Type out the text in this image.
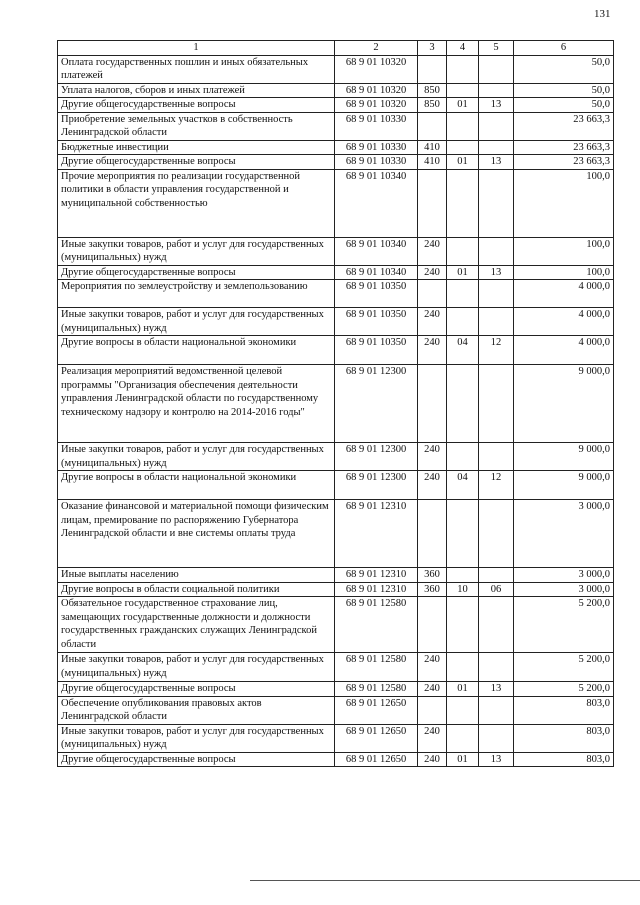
131
1	2	3	4	5	6
Оплата государственных пошлин и иных обязательных платежей	68 9 01 10320				50,0
Уплата налогов, сборов и иных платежей	68 9 01 10320	850			50,0
Другие общегосударственные вопросы	68 9 01 10320	850	01	13	50,0
Приобретение земельных участков в собственность Ленинградской области	68 9 01 10330				23 663,3
Бюджетные инвестиции	68 9 01 10330	410			23 663,3
Другие общегосударственные вопросы	68 9 01 10330	410	01	13	23 663,3
Прочие мероприятия по реализации государственной политики в области управления государственной и муниципальной собственностью	68 9 01 10340				100,0
Иные закупки товаров, работ и услуг для государственных (муниципальных) нужд	68 9 01 10340	240			100,0
Другие общегосударственные вопросы	68 9 01 10340	240	01	13	100,0
Мероприятия по землеустройству и землепользованию	68 9 01 10350				4 000,0
Иные закупки товаров, работ и услуг для государственных (муниципальных) нужд	68 9 01 10350	240			4 000,0
Другие вопросы в области национальной экономики	68 9 01 10350	240	04	12	4 000,0
Реализация мероприятий ведомственной целевой программы "Организация обеспечения деятельности управления Ленинградской области по государственному техническому надзору и контролю на 2014-2016 годы"	68 9 01 12300				9 000,0
Иные закупки товаров, работ и услуг для государственных (муниципальных) нужд	68 9 01 12300	240			9 000,0
Другие вопросы в области национальной экономики	68 9 01 12300	240	04	12	9 000,0
Оказание финансовой и материальной помощи физическим лицам, премирование по распоряжению Губернатора Ленинградской области и вне системы оплаты труда	68 9 01 12310				3 000,0
Иные выплаты населению	68 9 01 12310	360			3 000,0
Другие вопросы в области социальной политики	68 9 01 12310	360	10	06	3 000,0
Обязательное государственное страхование лиц, замещающих государственные должности и должности государственных гражданских служащих Ленинградской области	68 9 01 12580				5 200,0
Иные закупки товаров, работ и услуг для государственных (муниципальных) нужд	68 9 01 12580	240			5 200,0
Другие общегосударственные вопросы	68 9 01 12580	240	01	13	5 200,0
Обеспечение опубликования правовых актов Ленинградской области	68 9 01 12650				803,0
Иные закупки товаров, работ и услуг для государственных (муниципальных) нужд	68 9 01 12650	240			803,0
Другие общегосударственные вопросы	68 9 01 12650	240	01	13	803,0
